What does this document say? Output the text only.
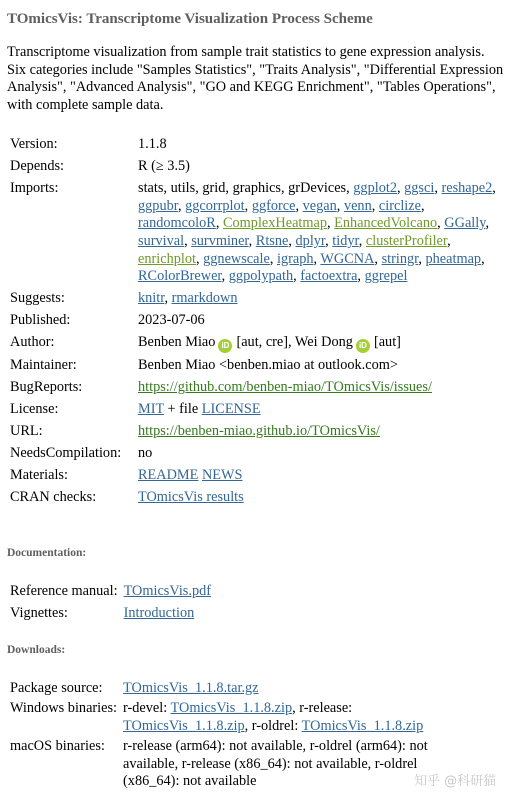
TOmicsVis: Transcriptome Visualization Process Scheme

Transcriptome visualization from sample trait statistics to gene expression analysis. Six categories include "Samples Statistics", "Traits Analysis", "Differential Expression Analysis", "Advanced Analysis", "GO and KEGG Enrichment", "Tables Operations", with complete sample data.

Version:	1.1.8
Depends:	R (≥ 3.5)
Imports:	stats, utils, grid, graphics, grDevices, ggplot2, ggsci, reshape2, ggpubr, ggcorrplot, ggforce, vegan, venn, circlize, randomcoloR, ComplexHeatmap, EnhancedVolcano, GGally, survival, survminer, Rtsne, dplyr, tidyr, clusterProfiler, enrichplot, ggnewscale, igraph, WGCNA, stringr, pheatmap, RColorBrewer, ggpolypath, factoextra, ggrepel
Suggests:	knitr, rmarkdown
Published:	2023-07-06
Author:	Benben Miao iD [aut, cre], Wei Dong iD [aut]
Maintainer:	Benben Miao <benben.miao at outlook.com>
BugReports:	https://github.com/benben-miao/TOmicsVis/issues/
License:	MIT + file LICENSE
URL:	https://benben-miao.github.io/TOmicsVis/
NeedsCompilation:	no
Materials:	README NEWS
CRAN checks:	TOmicsVis results
Documentation:
Reference manual:	TOmicsVis.pdf
Vignettes:	Introduction
Downloads:
Package source:	TOmicsVis_1.1.8.tar.gz
Windows binaries:	r-devel: TOmicsVis_1.1.8.zip, r-release: TOmicsVis_1.1.8.zip, r-oldrel: TOmicsVis_1.1.8.zip
macOS binaries:	r-release (arm64): not available, r-oldrel (arm64): not available, r-release (x86_64): not available, r-oldrel (x86_64): not available	知乎 @科研猫
